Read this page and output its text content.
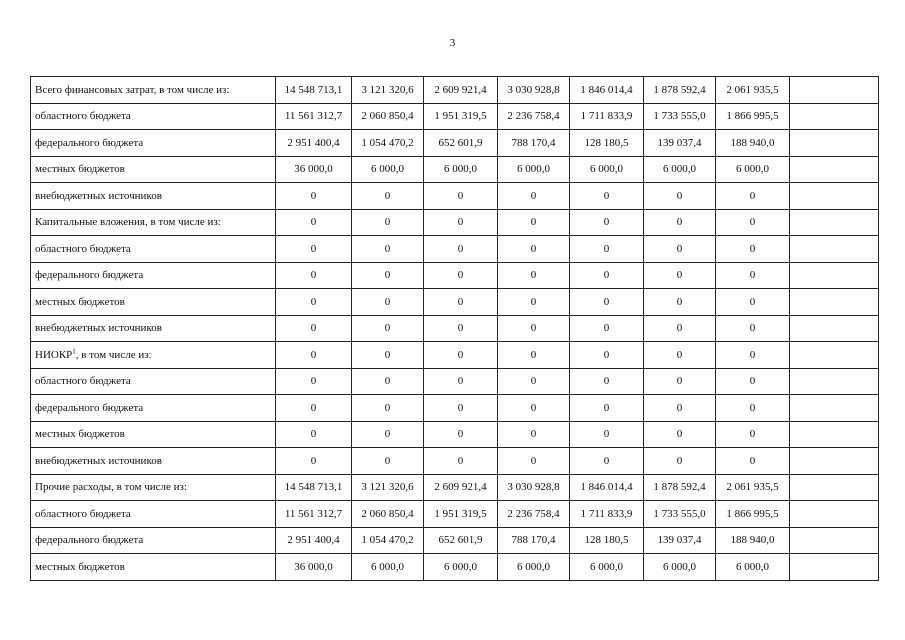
3
Всего финансовых затрат, в том числе из:	14 548 713,1	3 121 320,6	2 609 921,4	3 030 928,8	1 846 014,4	1 878 592,4	2 061 935,5	
областного бюджета	11 561 312,7	2 060 850,4	1 951 319,5	2 236 758,4	1 711 833,9	1 733 555,0	1 866 995,5	
федерального бюджета	2 951 400,4	1 054 470,2	652 601,9	788 170,4	128 180,5	139 037,4	188 940,0	
местных бюджетов	36 000,0	6 000,0	6 000,0	6 000,0	6 000,0	6 000,0	6 000,0	
внебюджетных источников	0	0	0	0	0	0	0	
Капитальные вложения, в том числе из:	0	0	0	0	0	0	0	
областного бюджета	0	0	0	0	0	0	0	
федерального бюджета	0	0	0	0	0	0	0	
местных бюджетов	0	0	0	0	0	0	0	
внебюджетных источников	0	0	0	0	0	0	0	
НИОКР$^1$, в том числе из:	0	0	0	0	0	0	0	
областного бюджета	0	0	0	0	0	0	0	
федерального бюджета	0	0	0	0	0	0	0	
местных бюджетов	0	0	0	0	0	0	0	
внебюджетных источников	0	0	0	0	0	0	0	
Прочие расходы, в том числе из:	14 548 713,1	3 121 320,6	2 609 921,4	3 030 928,8	1 846 014,4	1 878 592,4	2 061 935,5	
областного бюджета	11 561 312,7	2 060 850,4	1 951 319,5	2 236 758,4	1 711 833,9	1 733 555,0	1 866 995,5	
федерального бюджета	2 951 400,4	1 054 470,2	652 601,9	788 170,4	128 180,5	139 037,4	188 940,0	
местных бюджетов	36 000,0	6 000,0	6 000,0	6 000,0	6 000,0	6 000,0	6 000,0	
